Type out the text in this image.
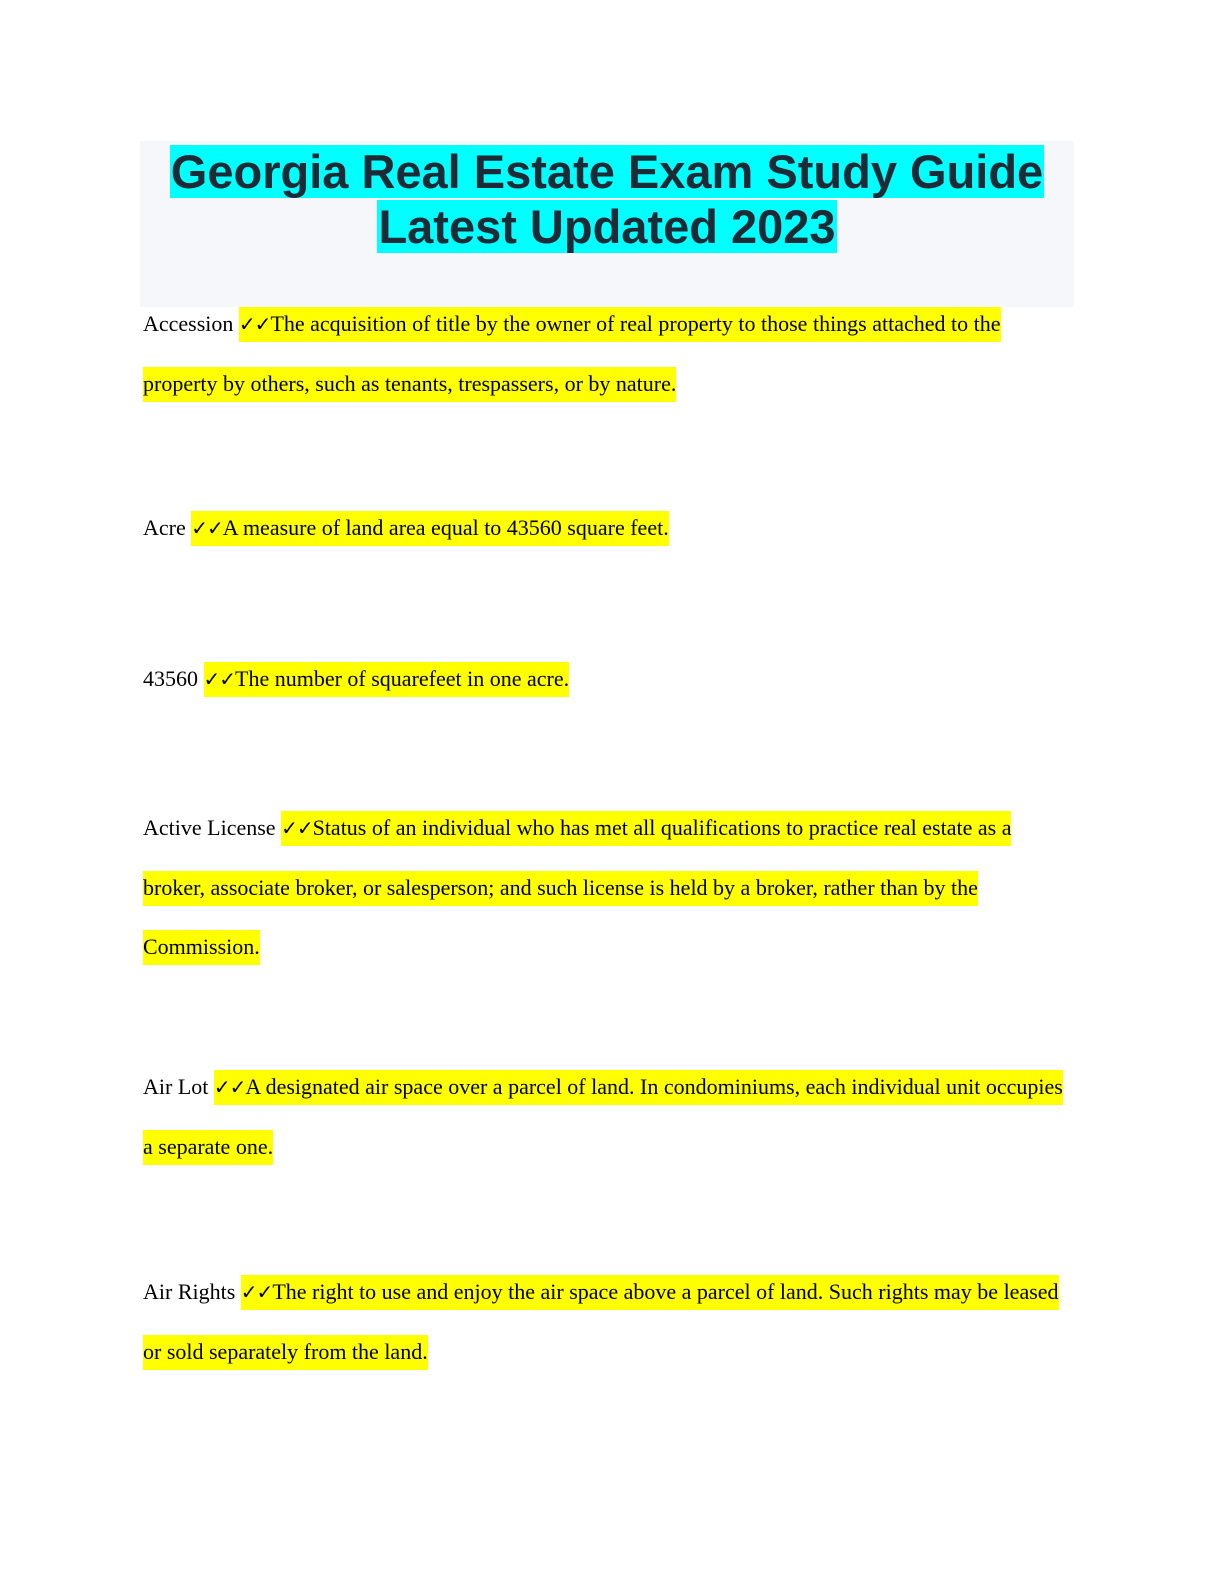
Georgia Real Estate Exam Study Guide
Latest Updated 2023

Accession ✓✓The acquisition of title by the owner of real property to those things attached to the property by others, such as tenants, trespassers, or by nature.

Acre ✓✓A measure of land area equal to 43560 square feet.

43560 ✓✓The number of squarefeet in one acre.

Active License ✓✓Status of an individual who has met all qualifications to practice real estate as a broker, associate broker, or salesperson; and such license is held by a broker, rather than by the Commission.

Air Lot ✓✓A designated air space over a parcel of land. In condominiums, each individual unit occupies a separate one.

Air Rights ✓✓The right to use and enjoy the air space above a parcel of land. Such rights may be leased or sold separately from the land.
